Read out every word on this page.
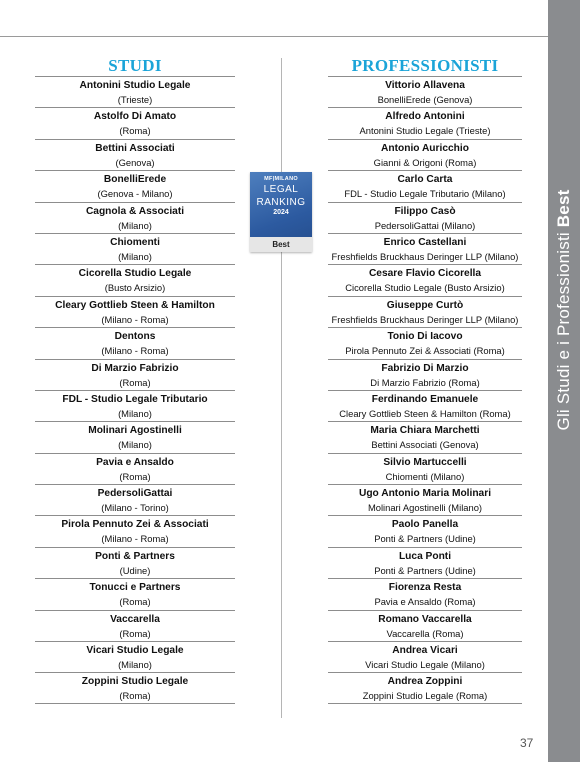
Gli Studi e i Professionisti Best
STUDI
Antonini Studio Legale
(Trieste)
Astolfo Di Amato
(Roma)
Bettini Associati
(Genova)
BonelliErede
(Genova - Milano)
Cagnola & Associati
(Milano)
Chiomenti
(Milano)
Cicorella Studio Legale
(Busto Arsizio)
Cleary Gottlieb Steen & Hamilton
(Milano - Roma)
Dentons
(Milano - Roma)
Di Marzio Fabrizio
(Roma)
FDL - Studio Legale Tributario
(Milano)
Molinari Agostinelli
(Milano)
Pavia e Ansaldo
(Roma)
PedersoliGattai
(Milano - Torino)
Pirola Pennuto Zei & Associati
(Milano - Roma)
Ponti & Partners
(Udine)
Tonucci e Partners
(Roma)
Vaccarella
(Roma)
Vicari Studio Legale
(Milano)
Zoppini Studio Legale
(Roma)
MF|MILANO
LEGAL
RANKING
2024
Best
PROFESSIONISTI
Vittorio Allavena
BonelliErede (Genova)
Alfredo Antonini
Antonini Studio Legale (Trieste)
Antonio Auricchio
Gianni & Origoni (Roma)
Carlo Carta
FDL - Studio Legale Tributario (Milano)
Filippo Casò
PedersoliGattai (Milano)
Enrico Castellani
Freshfields Bruckhaus Deringer LLP (Milano)
Cesare Flavio Cicorella
Cicorella Studio Legale (Busto Arsizio)
Giuseppe Curtò
Freshfields Bruckhaus Deringer LLP (Milano)
Tonio Di Iacovo
Pirola Pennuto Zei & Associati (Roma)
Fabrizio Di Marzio
Di Marzio Fabrizio (Roma)
Ferdinando Emanuele
Cleary Gottlieb Steen & Hamilton (Roma)
Maria Chiara Marchetti
Bettini Associati (Genova)
Silvio Martuccelli
Chiomenti (Milano)
Ugo Antonio Maria Molinari
Molinari Agostinelli (Milano)
Paolo Panella
Ponti & Partners (Udine)
Luca Ponti
Ponti & Partners (Udine)
Fiorenza Resta
Pavia e Ansaldo (Roma)
Romano Vaccarella
Vaccarella (Roma)
Andrea Vicari
Vicari Studio Legale (Milano)
Andrea Zoppini
Zoppini Studio Legale (Roma)
37
